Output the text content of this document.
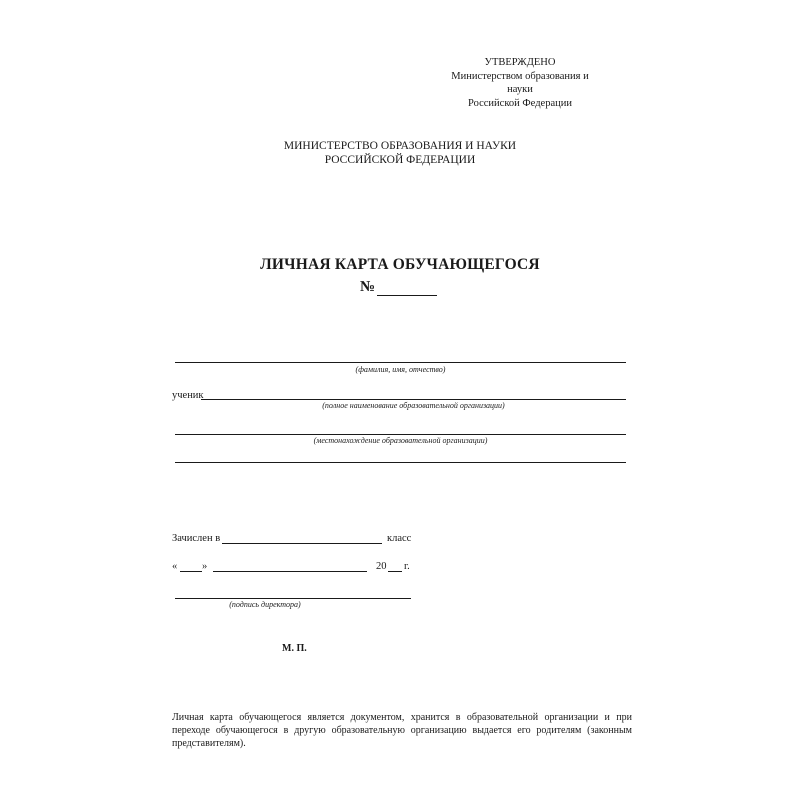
УТВЕРЖДЕНО
Министерством образования и науки
Российской Федерации
МИНИСТЕРСТВО ОБРАЗОВАНИЯ И НАУКИ
РОССИЙСКОЙ ФЕДЕРАЦИИ
ЛИЧНАЯ КАРТА ОБУЧАЮЩЕГОСЯ
№
(фамилия, имя, отчество)
ученик
(полное наименование образовательной организации)
(местонахождение образовательной организации)
Зачислен в	класс
« »	20 г.
(подпись директора)
М. П.
Личная карта обучающегося является документом, хранится в образовательной организации и при переходе обучающегося в другую образовательную организацию выдается его родителям (законным представителям).
